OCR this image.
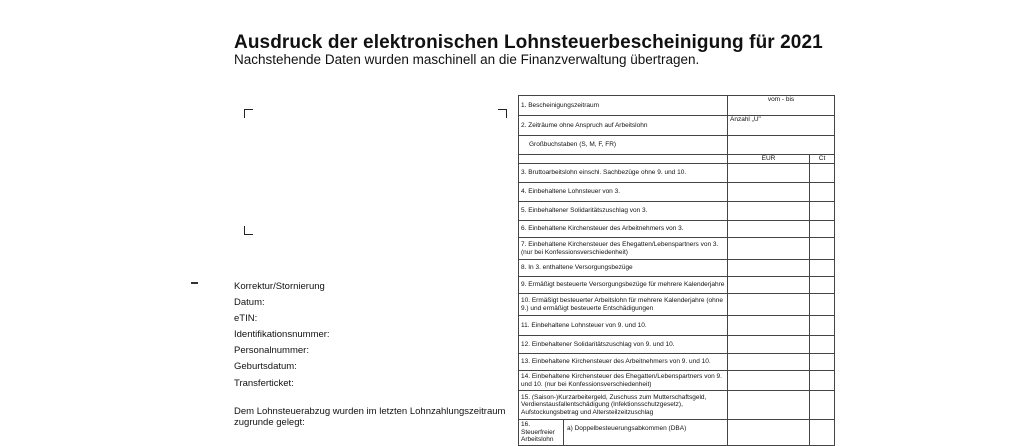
Ausdruck der elektronischen Lohnsteuerbescheinigung für 2021
Nachstehende Daten wurden maschinell an die Finanzverwaltung übertragen.
Korrektur/Stornierung
Datum:
eTIN:
Identifikationsnummer:
Personalnummer:
Geburtsdatum:
Transferticket:
Dem Lohnsteuerabzug wurden im letzten Lohnzahlungszeitraum
zugrunde gelegt:
1. Bescheinigungszeitraum	vom - bis	
2. Zeiträume ohne Anspruch auf Arbeitslohn	Anzahl „U"	
Großbuchstaben (S, M, F, FR)		
	EUR	Ct
3. Bruttoarbeitslohn einschl. Sachbezüge ohne 9. und 10.		
4. Einbehaltene Lohnsteuer von 3.		
5. Einbehaltener Solidaritätszuschlag von 3.		
6. Einbehaltene Kirchensteuer des Arbeitnehmers von 3.		
7. Einbehaltene Kirchensteuer des Ehegatten/Lebenspartners von 3. (nur bei Konfessionsverschiedenheit)		
8. In 3. enthaltene Versorgungsbezüge		
9. Ermäßigt besteuerte Versorgungsbezüge für mehrere Kalenderjahre		
10. Ermäßigt besteuerter Arbeitslohn für mehrere Kalenderjahre (ohne 9.) und ermäßigt besteuerte Entschädigungen		
11. Einbehaltene Lohnsteuer von 9. und 10.		
12. Einbehaltener Solidaritätszuschlag von 9. und 10.		
13. Einbehaltene Kirchensteuer des Arbeitnehmers von 9. und 10.		
14. Einbehaltene Kirchensteuer des Ehegatten/Lebenspartners von 9. und 10. (nur bei Konfessionsverschiedenheit)		
15. (Saison-)Kurzarbeitergeld, Zuschuss zum Mutterschaftsgeld, Verdienstausfallentschädigung (Infektionsschutzgesetz), Aufstockungsbetrag und Altersteilzeitzuschlag		

16. Steuerfreier Arbeitslohn
a) Doppelbesteuerungsabkommen (DBA)		
